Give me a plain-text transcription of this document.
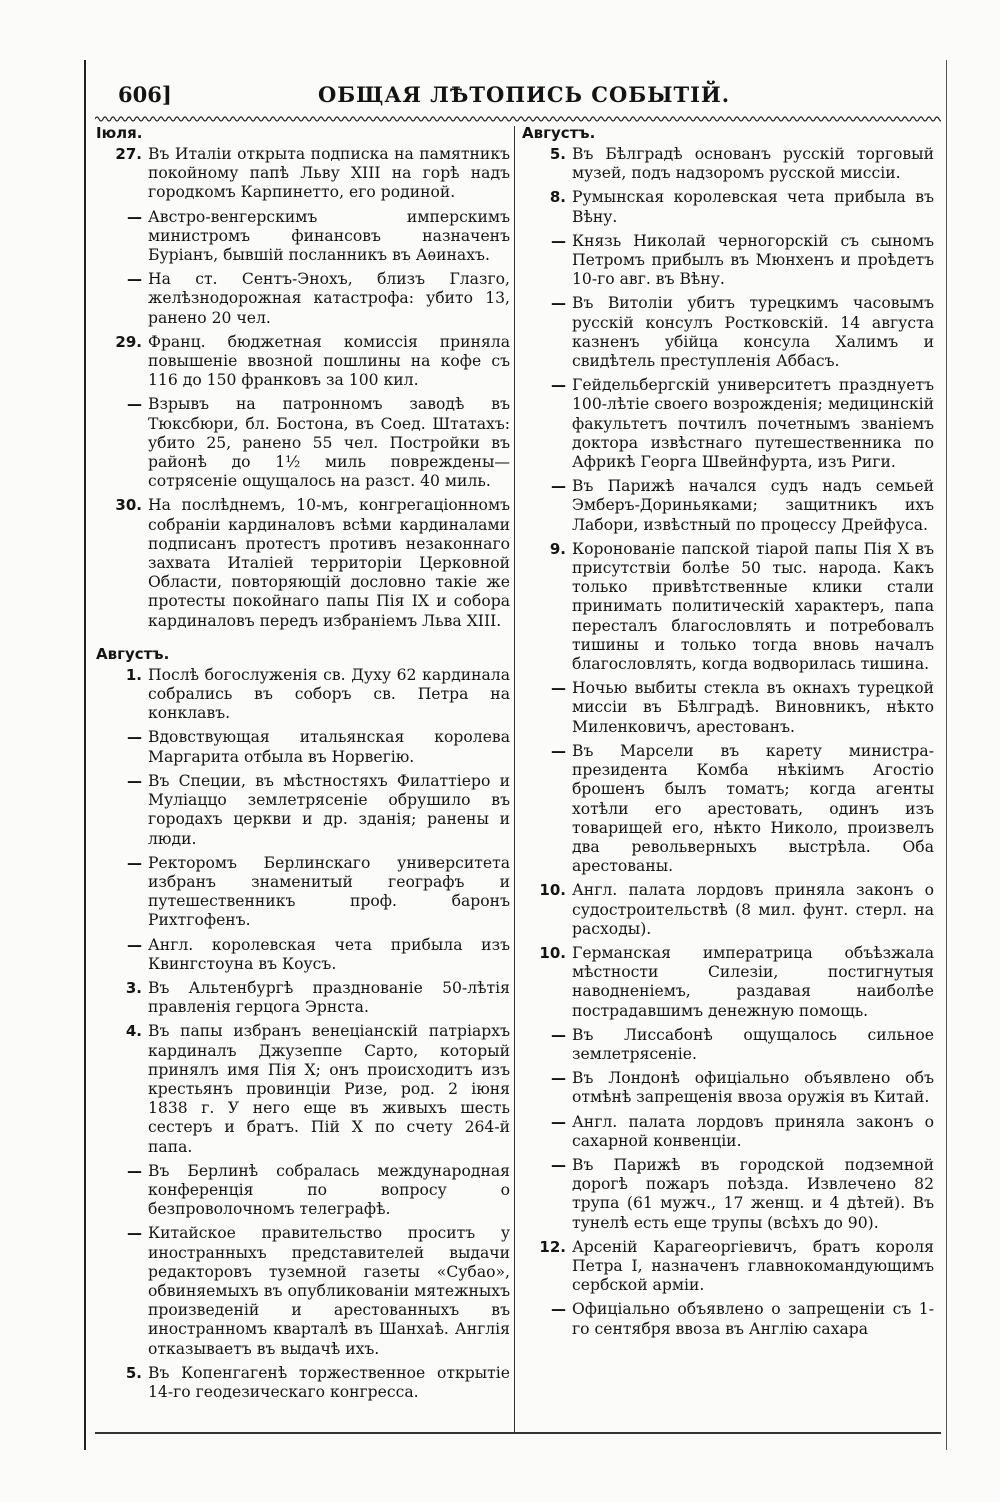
606]	ОБЩАЯ ЛѢТОПИСЬ СОБЫТІЙ.
Іюля.
27. Въ Италіи открыта подписка на памятникъ покойному папѣ Льву XIII на горѣ надъ городкомъ Карпинетто, его родиной.
— Австро-венгерскимъ имперскимъ министромъ финансовъ назначенъ Буріанъ, бывшій посланникъ въ Аѳинахъ.
— На ст. Сентъ-Энохъ, близъ Глазго, желѣзнодорожная катастрофа: убито 13, ранено 20 чел.
29. Франц. бюджетная комиссія приняла повышеніе ввозной пошлины на кофе съ 116 до 150 франковъ за 100 кил.
— Взрывъ на патронномъ заводѣ въ Тюксбюри, бл. Бостона, въ Соед. Штатахъ: убито 25, ранено 55 чел. Постройки въ районѣ до 1½ миль повреждены—сотрясеніе ощущалось на разст. 40 миль.
30. На послѣднемъ, 10-мъ, конгрегаціонномъ собраніи кардиналовъ всѣми кардиналами подписанъ протестъ противъ незаконнаго захвата Италіей территоріи Церковной Области, повторяющій дословно такіе же протесты покойнаго папы Пія IX и собора кардиналовъ передъ избраніемъ Льва XIII.
Августъ.
1. Послѣ богослуженія св. Духу 62 кардинала собрались въ соборъ св. Петра на конклавъ.
— Вдовствующая итальянская королева Маргарита отбыла въ Норвегію.
— Въ Специи, въ мѣстностяхъ Филаттіеро и Муліаццо землетрясеніе обрушило въ городахъ церкви и др. зданія; ранены и люди.
— Ректоромъ Берлинскаго университета избранъ знаменитый географъ и путешественникъ проф. баронъ Рихтгофенъ.
— Англ. королевская чета прибыла изъ Квингстоуна въ Коусъ.
3. Въ Альтенбургѣ празднованіе 50-лѣтія правленія герцога Эрнста.
4. Въ папы избранъ венеціанскій патріархъ кардиналъ Джузеппе Сарто, который принялъ имя Пія X; онъ происходитъ изъ крестьянъ провинціи Ризе, род. 2 іюня 1838 г. У него еще въ живыхъ шесть сестеръ и братъ. Пій X по счету 264-й папа.
— Въ Берлинѣ собралась международная конференція по вопросу о безпроволочномъ телеграфѣ.
— Китайское правительство проситъ у иностранныхъ представителей выдачи редакторовъ туземной газеты «Субао», обвиняемыхъ въ опубликованіи мятежныхъ произведеній и арестованныхъ въ иностранномъ кварталѣ въ Шанхаѣ. Англія отказываетъ въ выдачѣ ихъ.
5. Въ Копенгагенѣ торжественное открытіе 14-го геодезическаго конгресса.
Августъ.
5. Въ Бѣлградѣ основанъ русскій торговый музей, подъ надзоромъ русской миссіи.
8. Румынская королевская чета прибыла въ Вѣну.
— Князь Николай черногорскій съ сыномъ Петромъ прибылъ въ Мюнхенъ и проѣдетъ 10-го авг. въ Вѣну.
— Въ Витоліи убитъ турецкимъ часовымъ русскій консулъ Ростковскій. 14 августа казненъ убійца консула Халимъ и свидѣтель преступленія Аббасъ.
— Гейдельбергскій университетъ празднуетъ 100-лѣтіе своего возрожденія; медицинскій факультетъ почтилъ почетнымъ званіемъ доктора извѣстнаго путешественника по Африкѣ Георга Швейнфурта, изъ Риги.
— Въ Парижѣ начался судъ надъ семьей Эмберъ-Дориньяками; защитникъ ихъ Лабори, извѣстный по процессу Дрейфуса.
9. Коронованіе папской тіарой папы Пія X въ присутствіи болѣе 50 тыс. народа. Какъ только привѣтственные клики стали принимать политическій характеръ, папа пересталъ благословлять и потребовалъ тишины и только тогда вновь началъ благословлять, когда водворилась тишина.
— Ночью выбиты стекла въ окнахъ турецкой миссіи въ Бѣлградѣ. Виновникъ, нѣкто Миленковичъ, арестованъ.
— Въ Марсели въ карету министра-президента Комба нѣкіимъ Агостіо брошенъ былъ томатъ; когда агенты хотѣли его арестовать, одинъ изъ товарищей его, нѣкто Николо, произвелъ два револьверныхъ выстрѣла. Оба арестованы.
10. Англ. палата лордовъ приняла законъ о судостроительствѣ (8 мил. фунт. стерл. на расходы).
10. Германская императрица объѣзжала мѣстности Силезіи, постигнутыя наводненіемъ, раздавая наиболѣе пострадавшимъ денежную помощь.
— Въ Лиссабонѣ ощущалось сильное землетрясеніе.
— Въ Лондонѣ офиціально объявлено объ отмѣнѣ запрещенія ввоза оружія въ Китай.
— Англ. палата лордовъ приняла законъ о сахарной конвенціи.
— Въ Парижѣ въ городской подземной дорогѣ пожаръ поѣзда. Извлечено 82 трупа (61 мужч., 17 женщ. и 4 дѣтей). Въ тунелѣ есть еще трупы (всѣхъ до 90).
12. Арсеній Карагеоргіевичъ, братъ короля Петра I, назначенъ главнокомандующимъ сербской арміи.
— Офиціально объявлено о запрещеніи съ 1-го сентября ввоза въ Англію сахара
